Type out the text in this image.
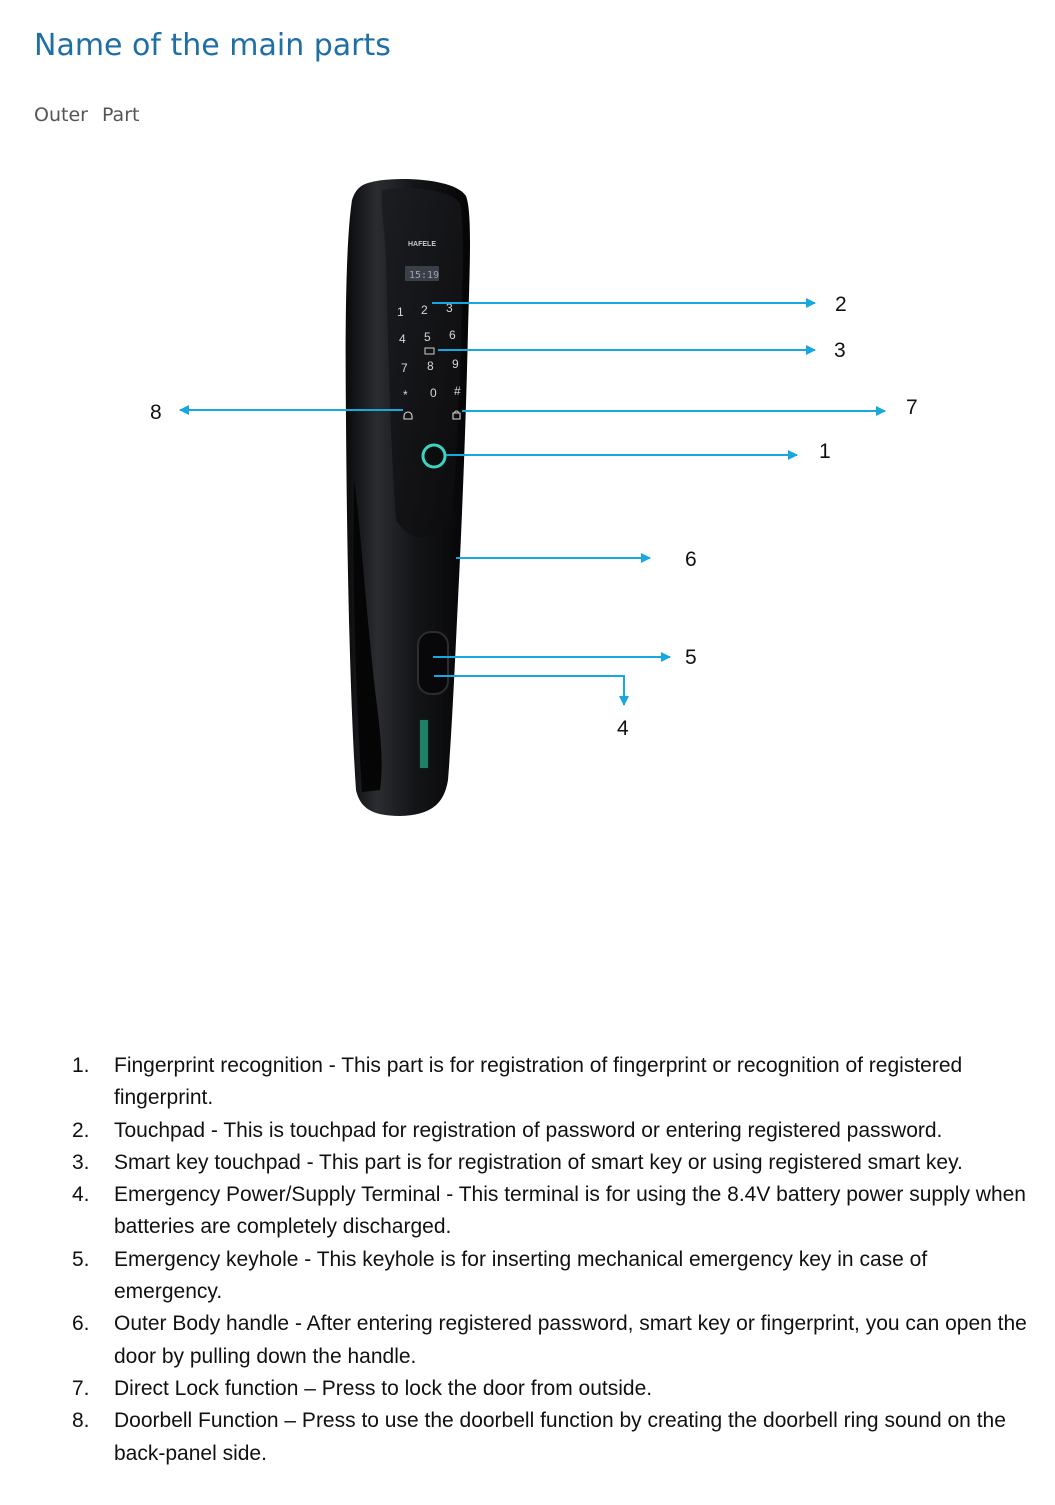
Name of the main parts
Outer Part
HAFELE
15:19
1 2 3
4 5 6
7 8 9
* 0 #
2
3
8	7
1
6
5
4
1.	Fingerprint recognition - This part is for registration of fingerprint or recognition of registered fingerprint.
2.	Touchpad - This is touchpad for registration of password or entering registered password.
3.	Smart key touchpad - This part is for registration of smart key or using registered smart key.
4.	Emergency Power/Supply Terminal - This terminal is for using the 8.4V battery power supply when batteries are completely discharged.
5.	Emergency keyhole - This keyhole is for inserting mechanical emergency key in case of emergency.
6.	Outer Body handle - After entering registered password, smart key or fingerprint, you can open the door by pulling down the handle.
7.	Direct Lock function – Press to lock the door from outside.
8.	Doorbell Function – Press to use the doorbell function by creating the doorbell ring sound on the back-panel side.
